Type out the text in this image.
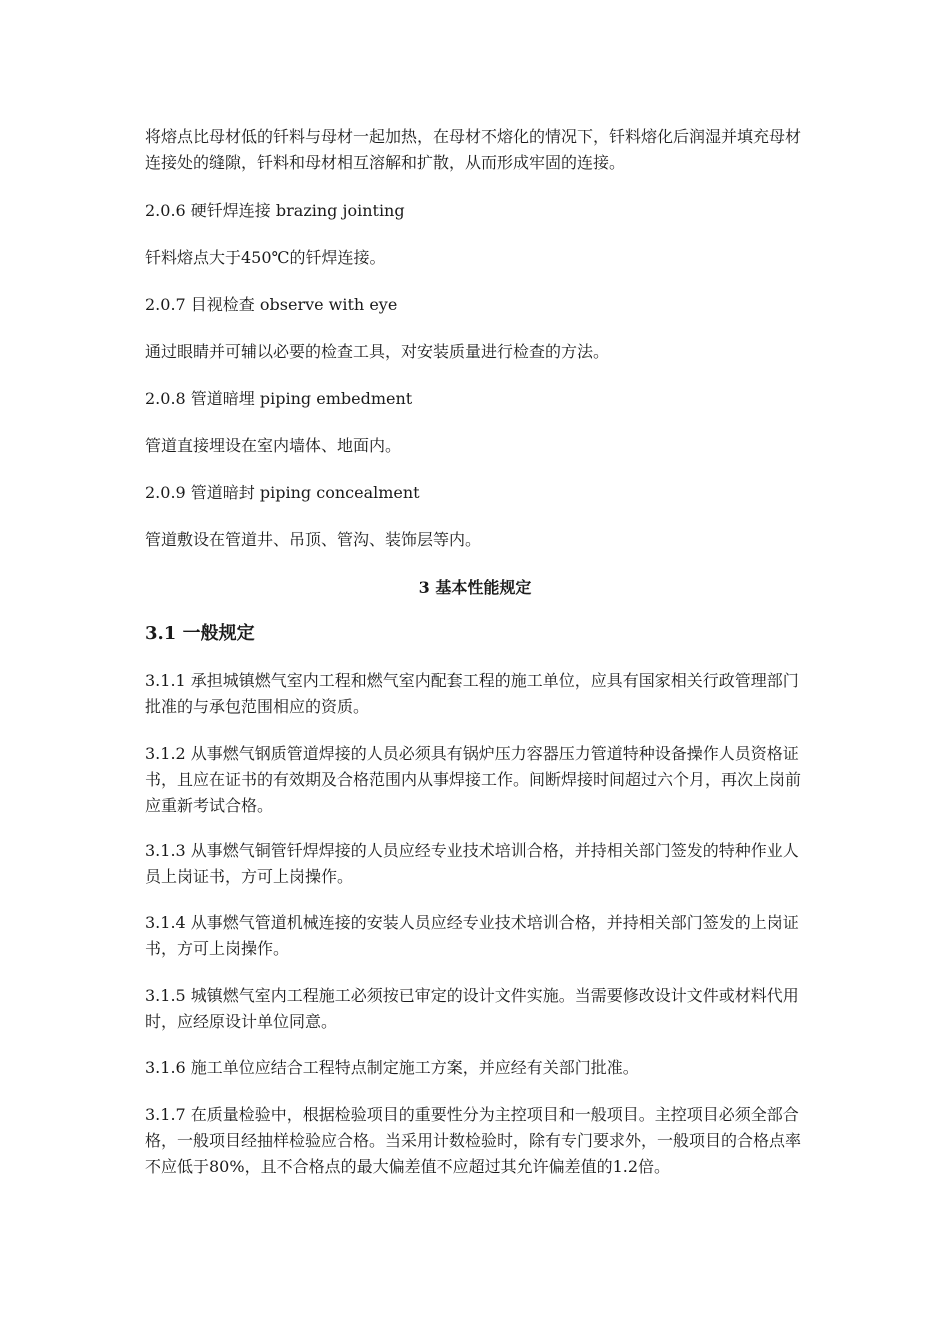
将熔点比母材低的钎料与母材一起加热，在母材不熔化的情况下，钎料熔化后润湿并填充母材连接处的缝隙，钎料和母材相互溶解和扩散，从而形成牢固的连接。

2.0.6 硬钎焊连接 brazing jointing

钎料熔点大于450℃的钎焊连接。

2.0.7 目视检查 observe with eye

通过眼睛并可辅以必要的检查工具，对安装质量进行检查的方法。

2.0.8 管道暗埋 piping embedment

管道直接埋设在室内墙体、地面内。

2.0.9 管道暗封 piping concealment

管道敷设在管道井、吊顶、管沟、装饰层等内。

3 基本性能规定

3.1 一般规定

3.1.1 承担城镇燃气室内工程和燃气室内配套工程的施工单位，应具有国家相关行政管理部门批准的与承包范围相应的资质。

3.1.2 从事燃气钢质管道焊接的人员必须具有锅炉压力容器压力管道特种设备操作人员资格证书，且应在证书的有效期及合格范围内从事焊接工作。间断焊接时间超过六个月，再次上岗前应重新考试合格。

3.1.3 从事燃气铜管钎焊焊接的人员应经专业技术培训合格，并持相关部门签发的特种作业人员上岗证书，方可上岗操作。

3.1.4 从事燃气管道机械连接的安装人员应经专业技术培训合格，并持相关部门签发的上岗证书，方可上岗操作。

3.1.5 城镇燃气室内工程施工必须按已审定的设计文件实施。当需要修改设计文件或材料代用时，应经原设计单位同意。

3.1.6 施工单位应结合工程特点制定施工方案，并应经有关部门批准。

3.1.7 在质量检验中，根据检验项目的重要性分为主控项目和一般项目。主控项目必须全部合格，一般项目经抽样检验应合格。当采用计数检验时，除有专门要求外，一般项目的合格点率不应低于80%，且不合格点的最大偏差值不应超过其允许偏差值的1.2倍。
